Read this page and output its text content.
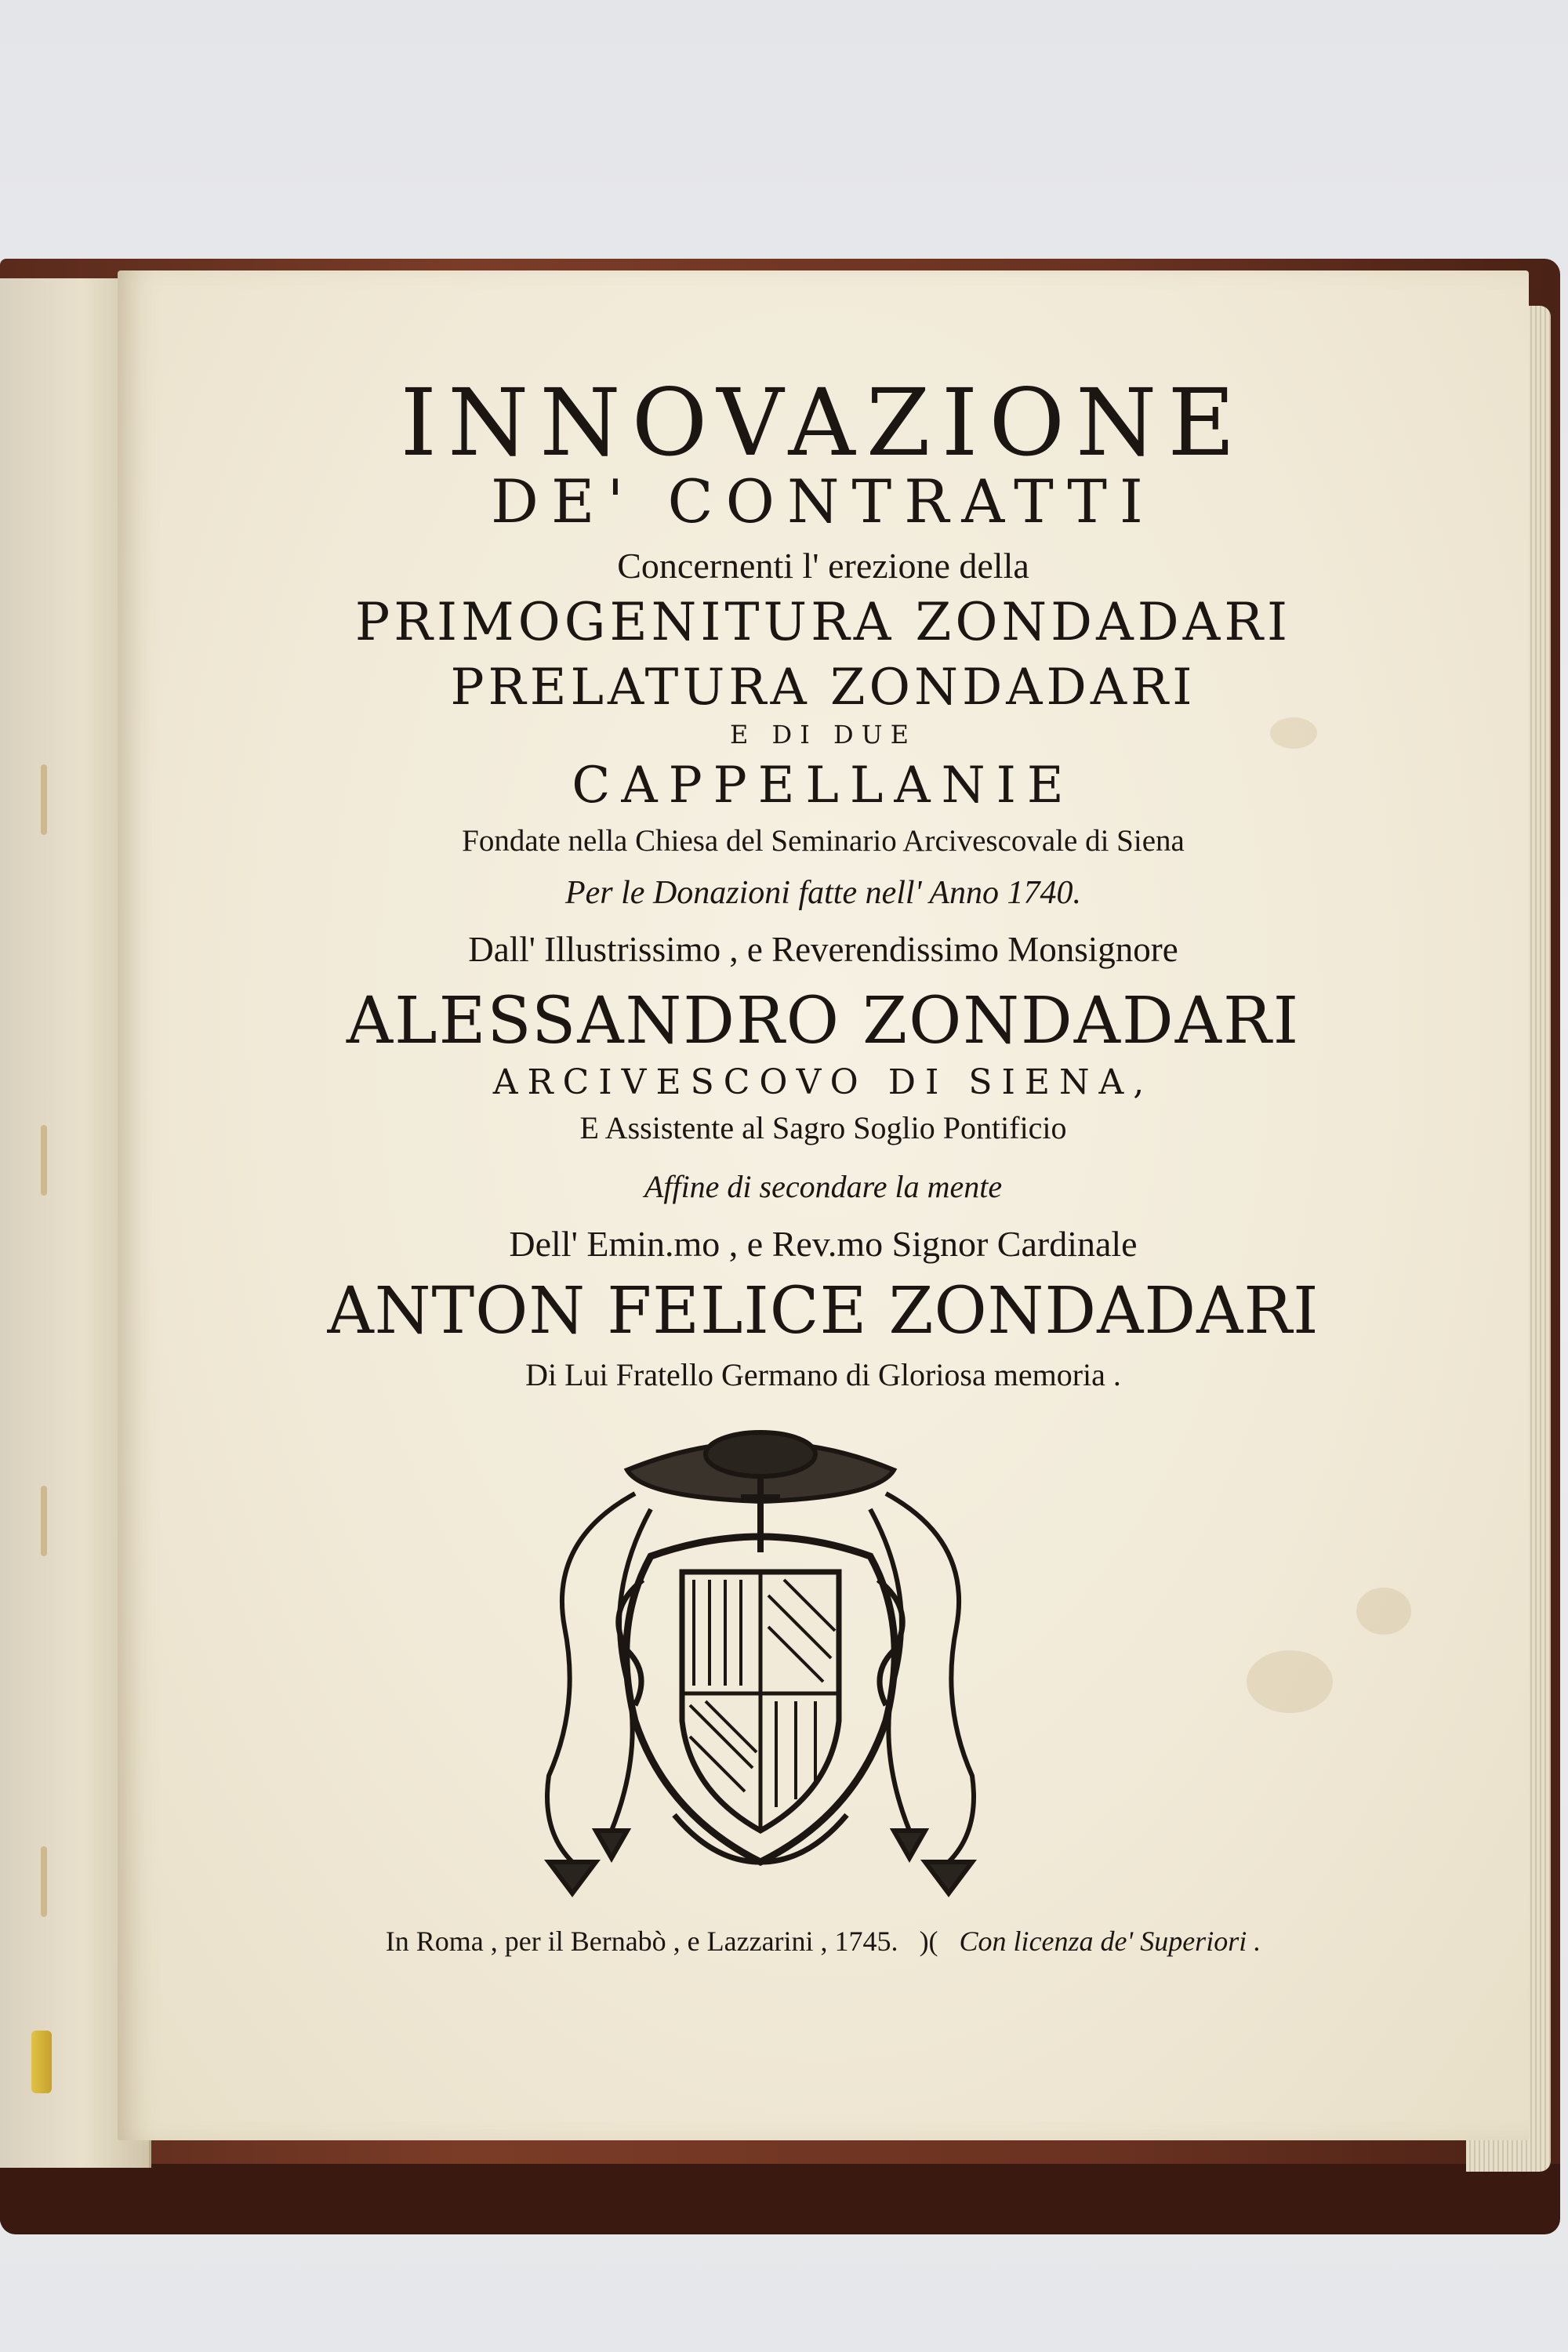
INNOVAZIONE
DE' CONTRATTI
Concernenti l' erezione della
PRIMOGENITURA ZONDADARI
PRELATURA ZONDADARI
E DI DUE
CAPPELLANIE
Fondate nella Chiesa del Seminario Arcivescovale di Siena
Per le Donazioni fatte nell' Anno 1740.
Dall' Illustrissimo , e Reverendissimo Monsignore
ALESSANDRO ZONDADARI
ARCIVESCOVO DI SIENA,
E Assistente al Sagro Soglio Pontificio
Affine di secondare la mente
Dell' Emin.mo , e Rev.mo Signor Cardinale
ANTON FELICE ZONDADARI
Di Lui Fratello Germano di Gloriosa memoria .
In Roma , per il Bernabò , e Lazzarini , 1745. )( Con licenza de' Superiori .
